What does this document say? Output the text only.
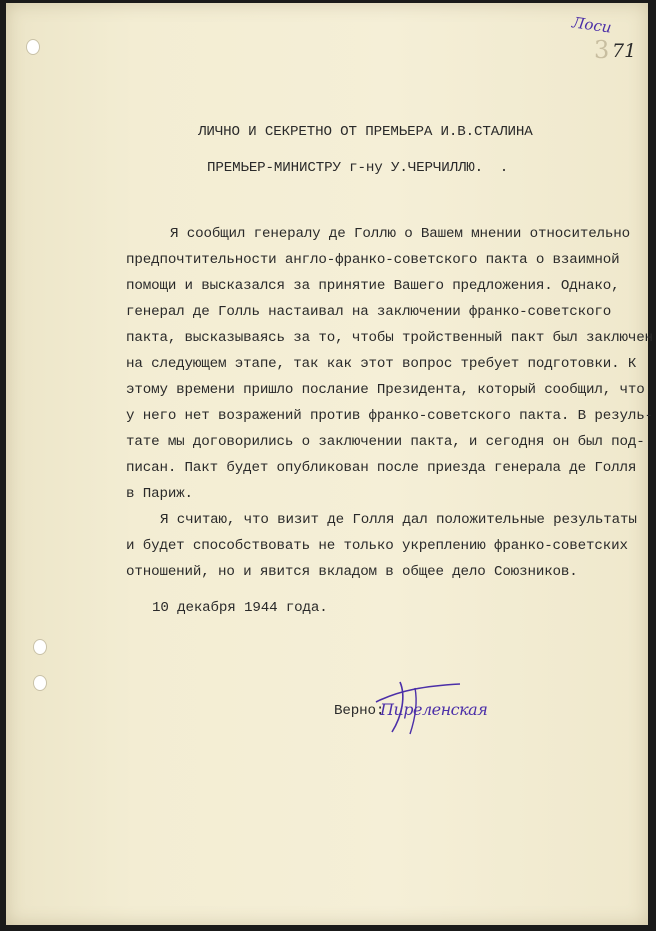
Лоси
3 71

ЛИЧНО И СЕКРЕТНО ОТ ПРЕМЬЕРА И.В.СТАЛИНА

ПРЕМЬЕР-МИНИСТРУ г-ну У.ЧЕРЧИЛЛЮ.  .

Я сообщил генералу де Голлю о Вашем мнении относительно

предпочтительности англо-франко-советского пакта о взаимной

помощи и высказался за принятие Вашего предложения. Однако,

генерал де Голль настаивал на заключении франко-советского

пакта, высказываясь за то, чтобы тройственный пакт был заключен

на следующем этапе, так как этот вопрос требует подготовки. К

этому времени пришло послание Президента, который сообщил, что

у него нет возражений против франко-советского пакта. В резуль-

тате мы договорились о заключении пакта, и сегодня он был под-

писан. Пакт будет опубликован после приезда генерала де Голля

в Париж.

Я считаю, что визит де Голля дал положительные результаты

и будет способствовать не только укреплению франко-советских

отношений, но и явится вкладом в общее дело Союзников.

10 декабря 1944 года.

Верно:

Пиреленская
